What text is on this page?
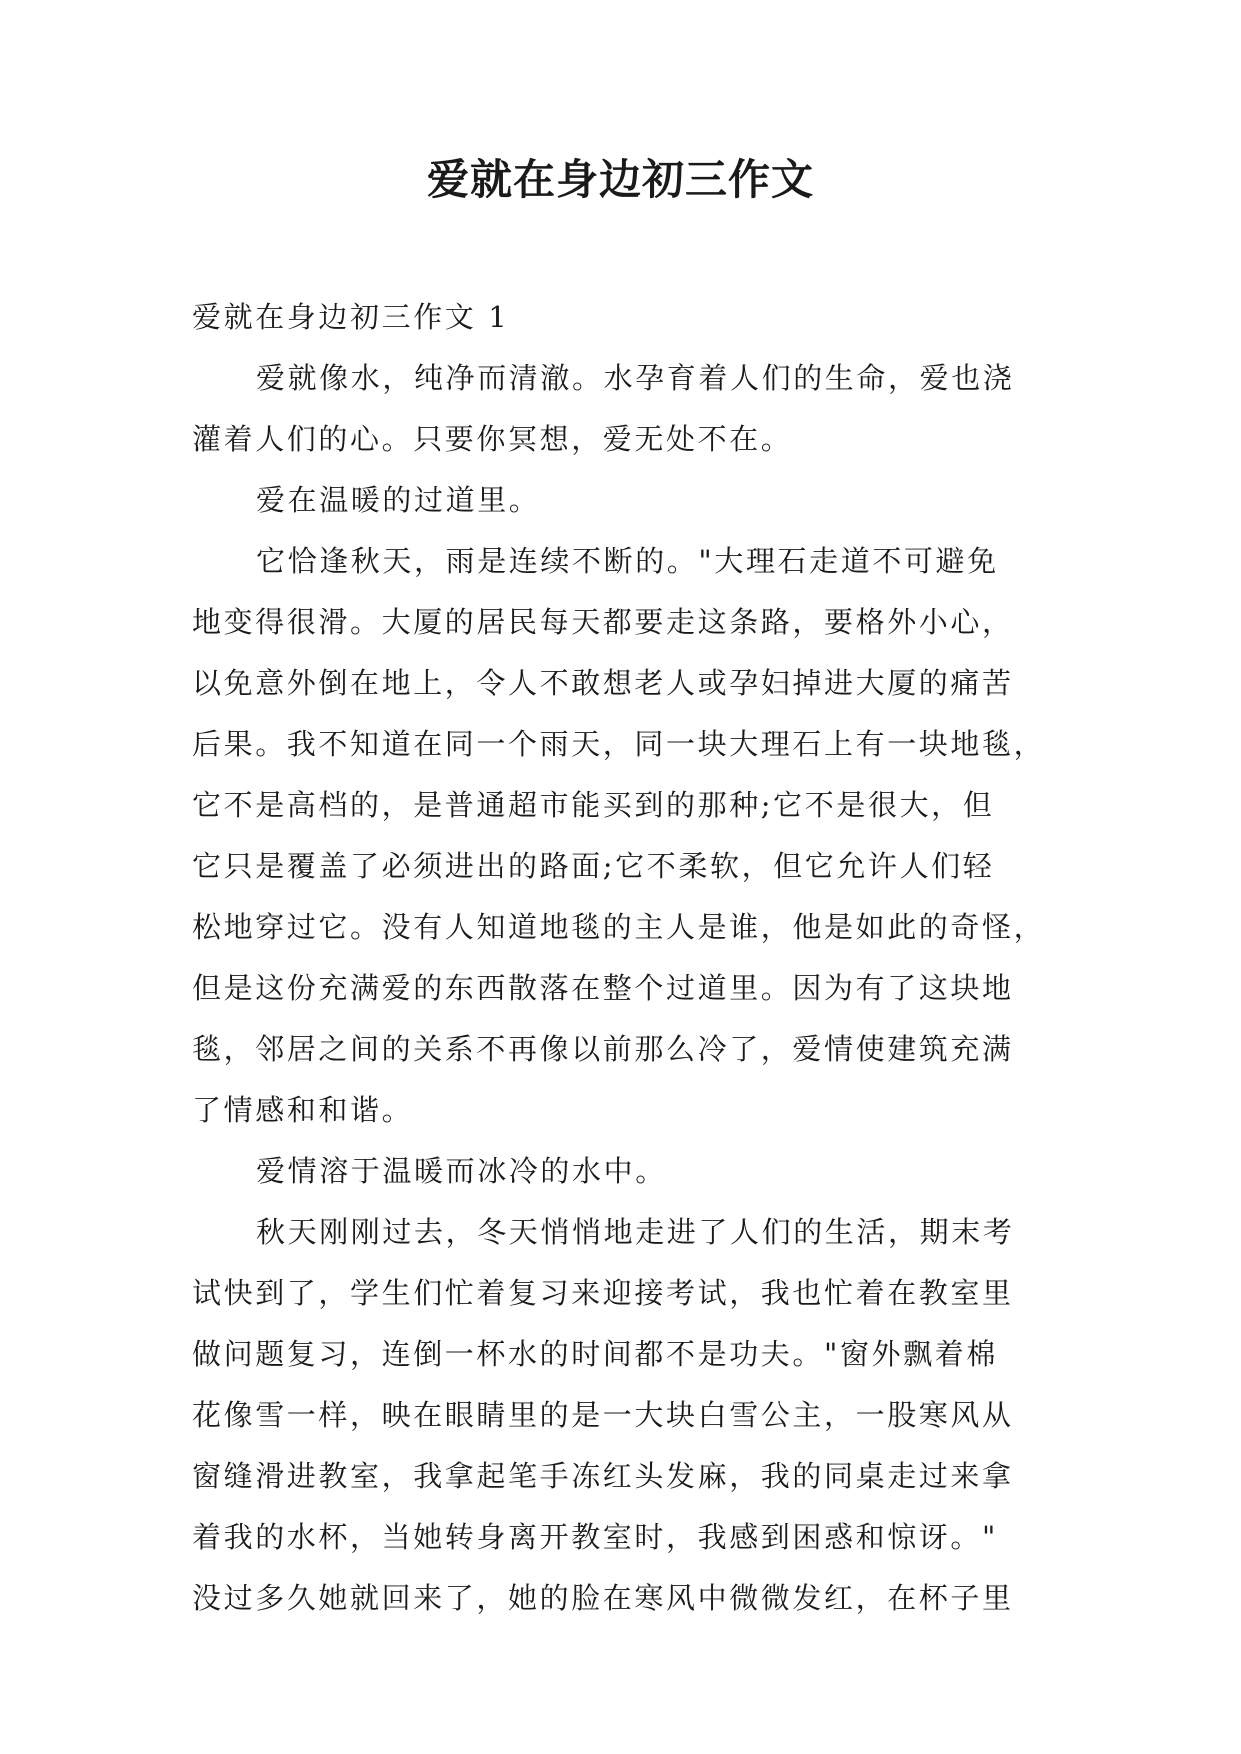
爱就在身边初三作文

爱就在身边初三作文 1

爱就像水，纯净而清澈。水孕育着人们的生命，爱也浇

灌着人们的心。只要你冥想，爱无处不在。

爱在温暖的过道里。

它恰逢秋天，雨是连续不断的。"大理石走道不可避免

地变得很滑。大厦的居民每天都要走这条路，要格外小心，

以免意外倒在地上，令人不敢想老人或孕妇掉进大厦的痛苦

后果。我不知道在同一个雨天，同一块大理石上有一块地毯，

它不是高档的，是普通超市能买到的那种;它不是很大，但

它只是覆盖了必须进出的路面;它不柔软，但它允许人们轻

松地穿过它。没有人知道地毯的主人是谁，他是如此的奇怪，

但是这份充满爱的东西散落在整个过道里。因为有了这块地

毯，邻居之间的关系不再像以前那么冷了，爱情使建筑充满

了情感和和谐。

爱情溶于温暖而冰冷的水中。

秋天刚刚过去，冬天悄悄地走进了人们的生活，期末考

试快到了，学生们忙着复习来迎接考试，我也忙着在教室里

做问题复习，连倒一杯水的时间都不是功夫。"窗外飘着棉

花像雪一样，映在眼睛里的是一大块白雪公主，一股寒风从

窗缝滑进教室，我拿起笔手冻红头发麻，我的同桌走过来拿

着我的水杯，当她转身离开教室时，我感到困惑和惊讶。"

没过多久她就回来了，她的脸在寒风中微微发红，在杯子里
